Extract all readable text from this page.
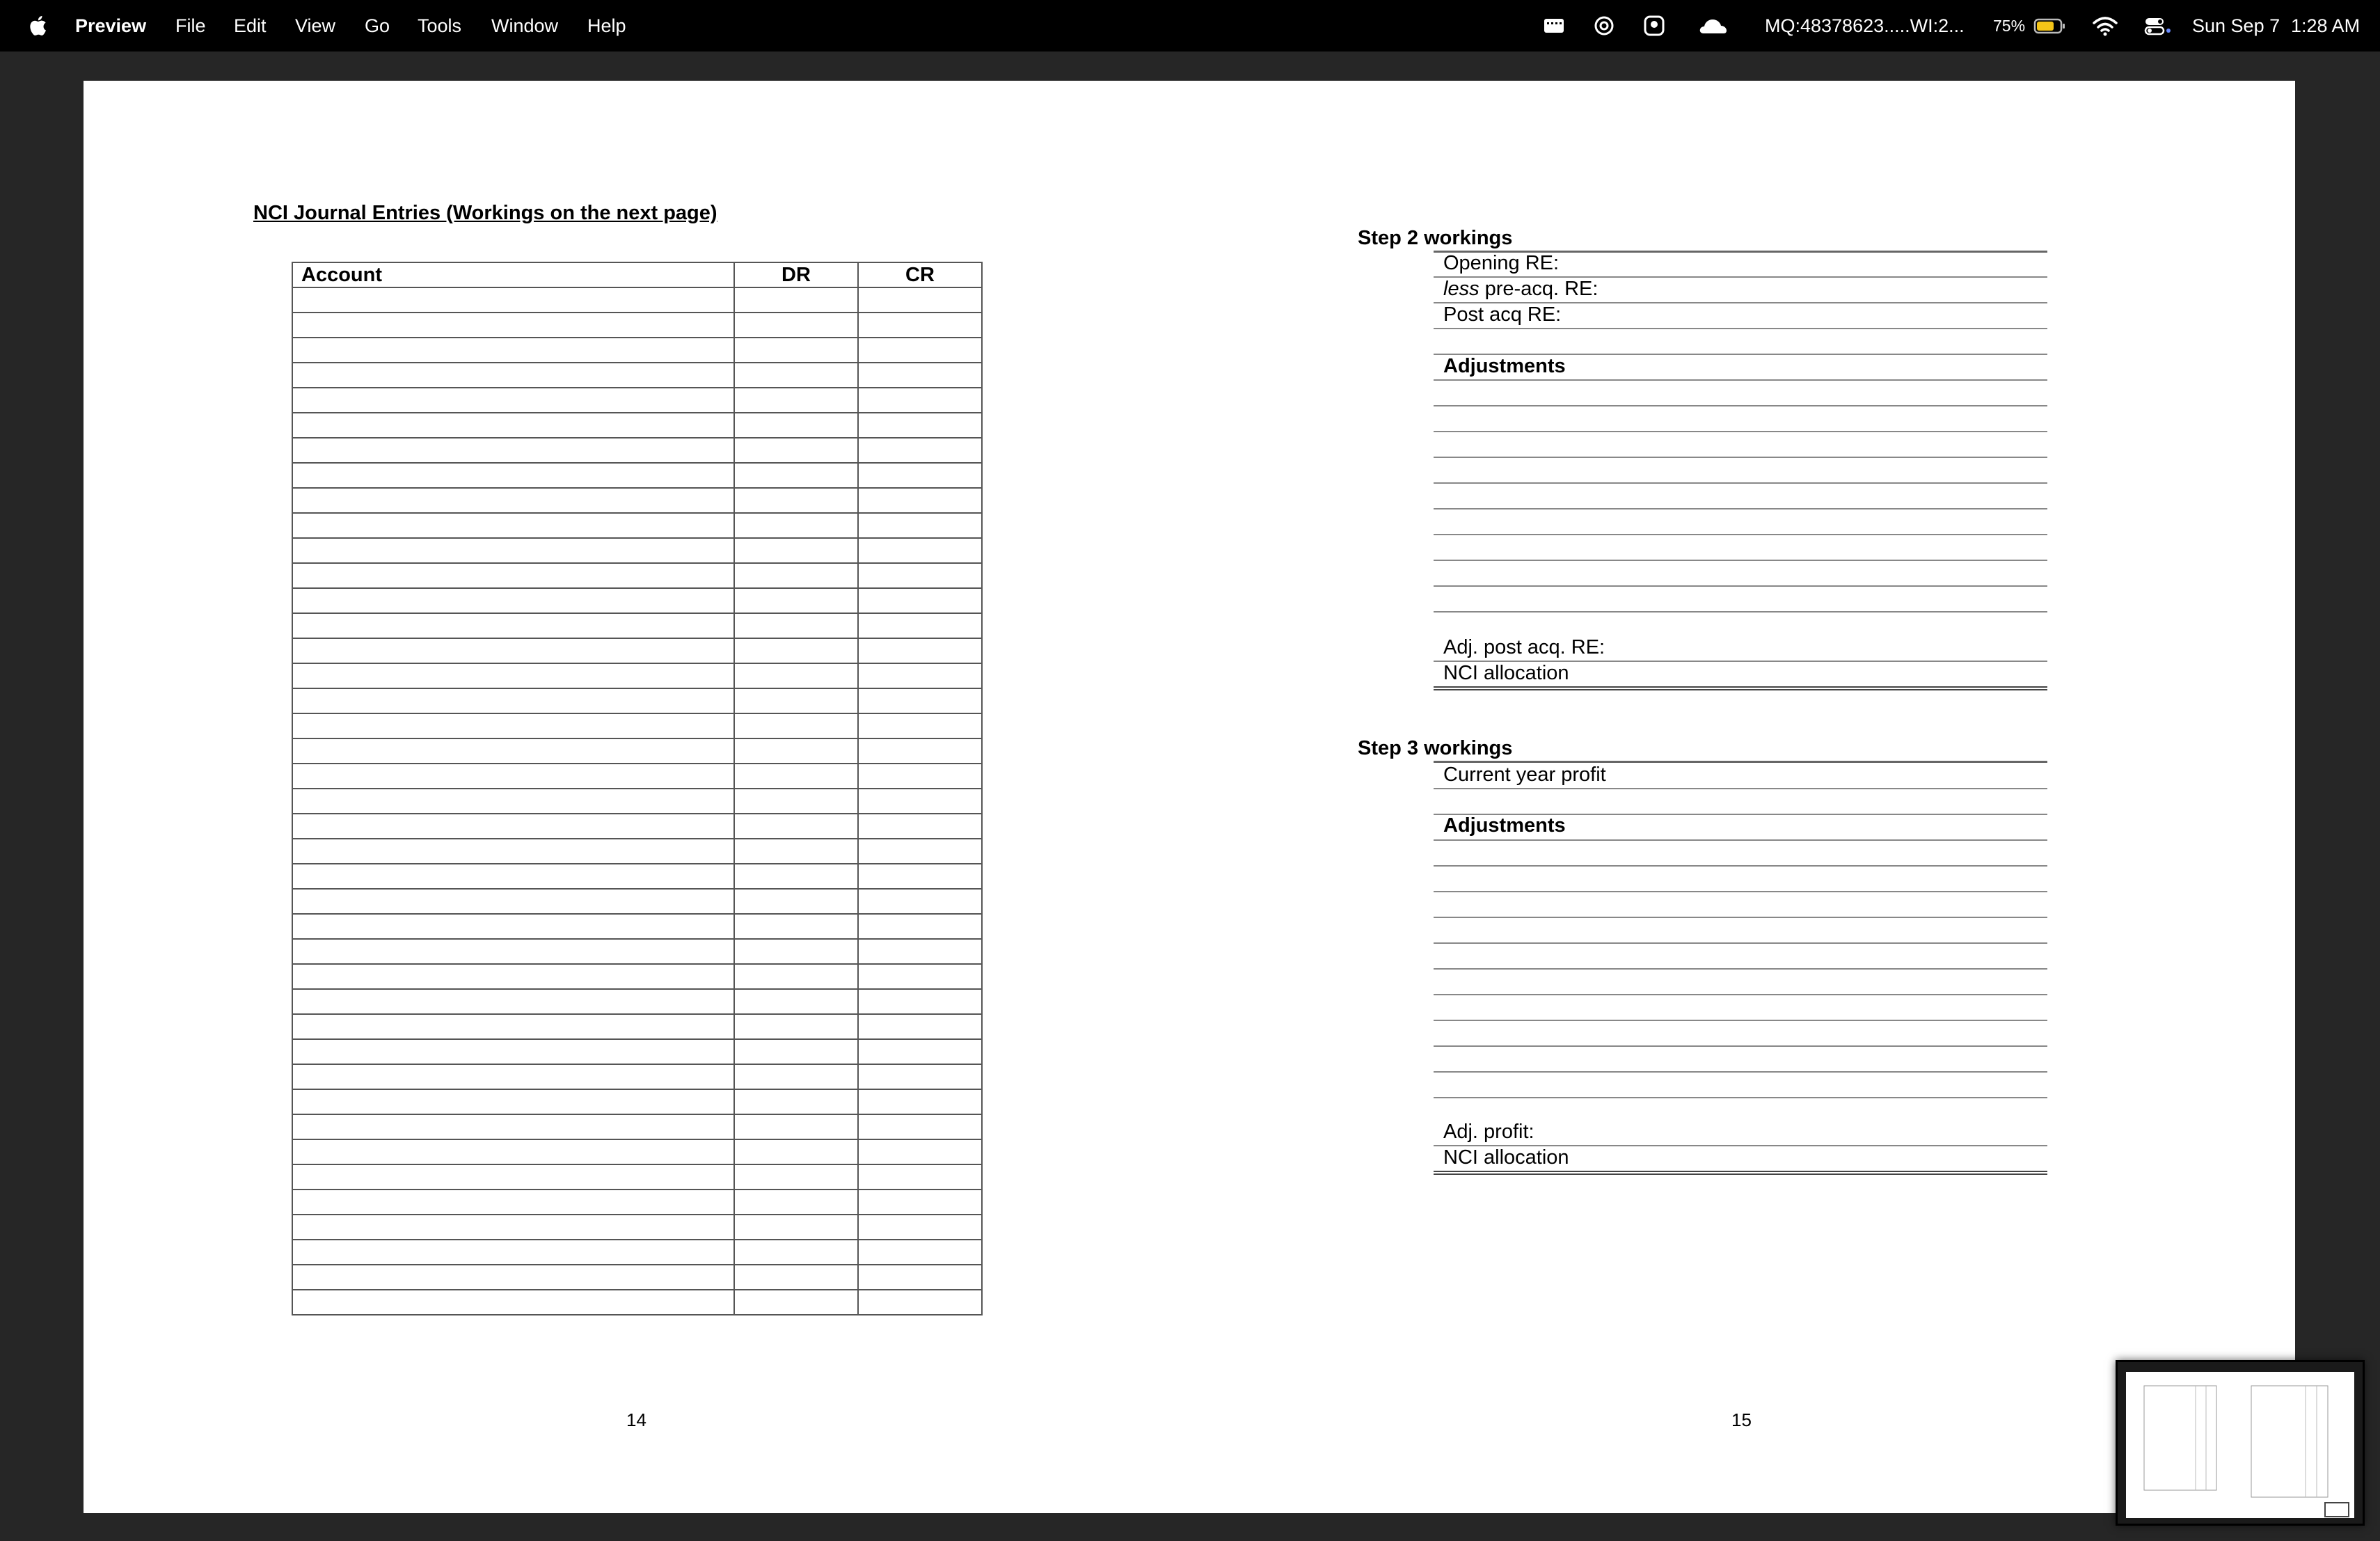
Preview File Edit View Go Tools Window Help	MQ:48378623.....WI:2... 75%	Sun Sep 7 1:28 AM
NCI Journal Entries (Workings on the next page)
Account	DR	CR

14
Step 2 workings
Opening RE:
less pre-acq. RE:
Post acq RE:
Adjustments
Adj. post acq. RE:
NCI allocation
Step 3 workings
Current year profit
Adjustments
Adj. profit:
NCI allocation
15
